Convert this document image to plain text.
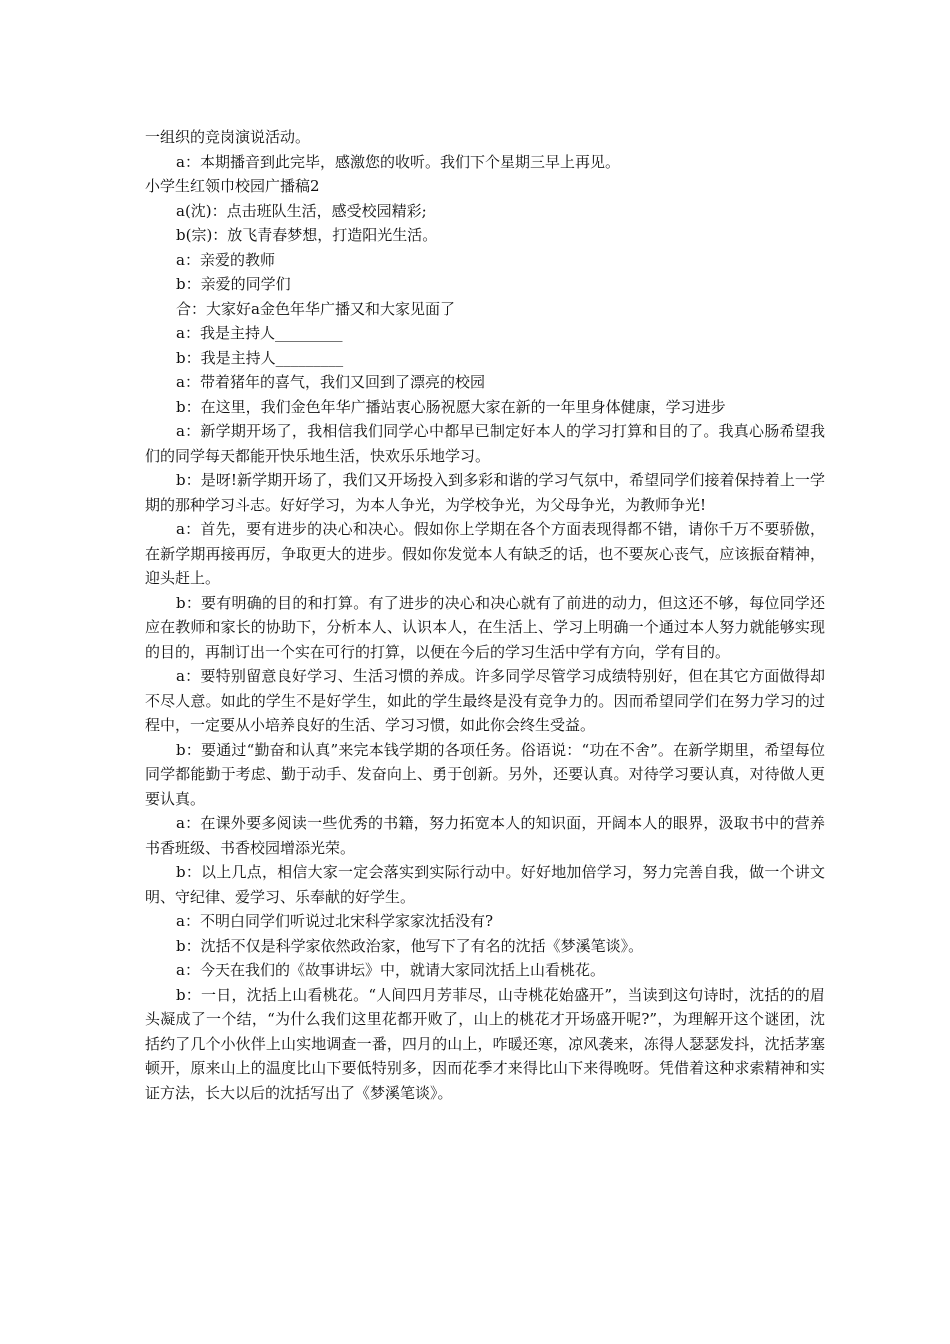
一组织的竞岗演说活动。

a：本期播音到此完毕，感激您的收听。我们下个星期三早上再见。

小学生红领巾校园广播稿2

a(沈)：点击班队生活，感受校园精彩;

b(宗)：放飞青春梦想，打造阳光生活。

a：亲爱的教师

b：亲爱的同学们

合：大家好a金色年华广播又和大家见面了

a：我是主持人_________

b：我是主持人_________

a：带着猪年的喜气，我们又回到了漂亮的校园

b：在这里，我们金色年华广播站衷心肠祝愿大家在新的一年里身体健康，学习进步

a：新学期开场了，我相信我们同学心中都早已制定好本人的学习打算和目的了。我真心肠希望我们的同学每天都能开快乐地生活，快欢乐乐地学习。

b：是呀!新学期开场了，我们又开场投入到多彩和谐的学习气氛中，希望同学们接着保持着上一学期的那种学习斗志。好好学习，为本人争光，为学校争光，为父母争光，为教师争光!

a：首先，要有进步的决心和决心。假如你上学期在各个方面表现得都不错，请你千万不要骄傲，在新学期再接再厉，争取更大的进步。假如你发觉本人有缺乏的话，也不要灰心丧气，应该振奋精神，迎头赶上。

b：要有明确的目的和打算。有了进步的决心和决心就有了前进的动力，但这还不够，每位同学还应在教师和家长的协助下，分析本人、认识本人，在生活上、学习上明确一个通过本人努力就能够实现的目的，再制订出一个实在可行的打算，以便在今后的学习生活中学有方向，学有目的。

a：要特别留意良好学习、生活习惯的养成。许多同学尽管学习成绩特别好，但在其它方面做得却不尽人意。如此的学生不是好学生，如此的学生最终是没有竞争力的。因而希望同学们在努力学习的过程中，一定要从小培养良好的生活、学习习惯，如此你会终生受益。

b：要通过“勤奋和认真”来完本钱学期的各项任务。俗语说：“功在不舍”。在新学期里，希望每位同学都能勤于考虑、勤于动手、发奋向上、勇于创新。另外，还要认真。对待学习要认真，对待做人更要认真。

a：在课外要多阅读一些优秀的书籍，努力拓宽本人的知识面，开阔本人的眼界，汲取书中的营养书香班级、书香校园增添光荣。

b：以上几点，相信大家一定会落实到实际行动中。好好地加倍学习，努力完善自我，做一个讲文明、守纪律、爱学习、乐奉献的好学生。

a：不明白同学们听说过北宋科学家家沈括没有?

b：沈括不仅是科学家依然政治家，他写下了有名的沈括《梦溪笔谈》。

a：今天在我们的《故事讲坛》中，就请大家同沈括上山看桃花。

b：一日，沈括上山看桃花。“人间四月芳菲尽，山寺桃花始盛开”，当读到这句诗时，沈括的的眉头凝成了一个结，“为什么我们这里花都开败了，山上的桃花才开场盛开呢?”，为理解开这个谜团，沈括约了几个小伙伴上山实地调查一番，四月的山上，咋暖还寒，凉风袭来，冻得人瑟瑟发抖，沈括茅塞顿开，原来山上的温度比山下要低特别多，因而花季才来得比山下来得晚呀。凭借着这种求索精神和实证方法，长大以后的沈括写出了《梦溪笔谈》。
